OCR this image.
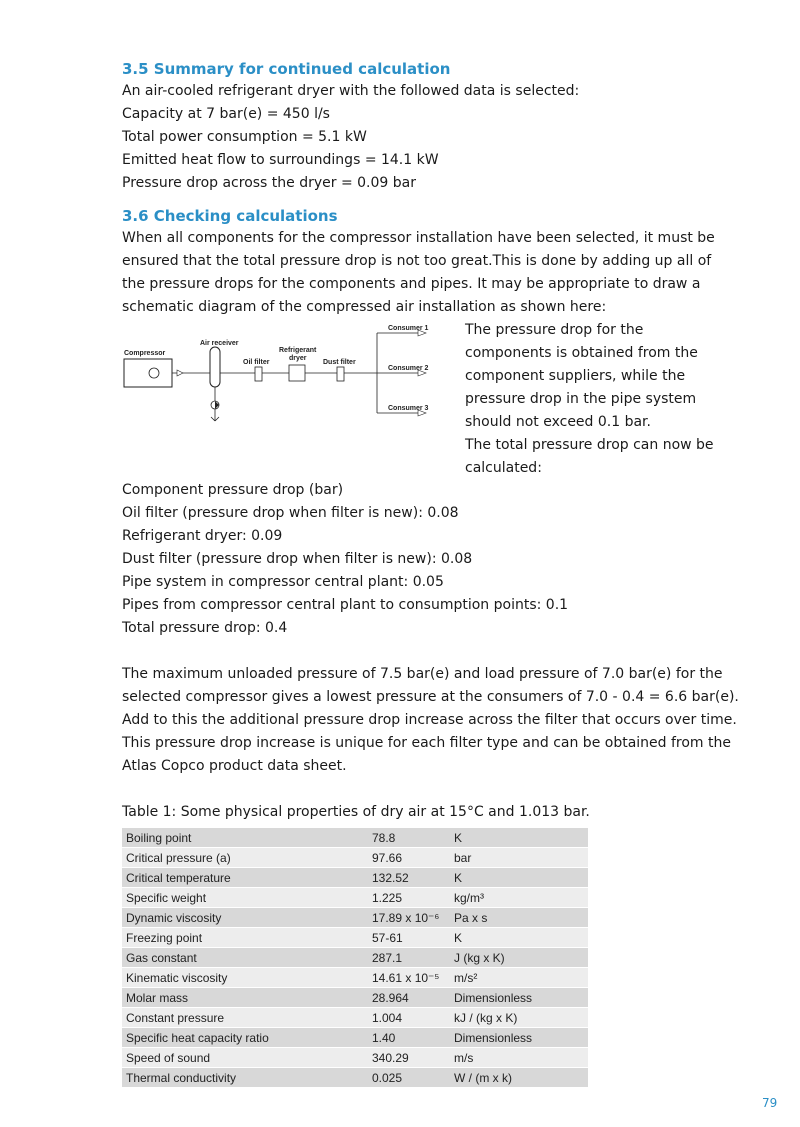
3.5 Summary for continued calculation
An air-cooled refrigerant dryer with the followed data is selected:
Capacity at 7 bar(e) = 450 l/s
Total power consumption = 5.1 kW
Emitted heat flow to surroundings = 14.1 kW
Pressure drop across the dryer = 0.09 bar
3.6 Checking calculations
When all components for the compressor installation have been selected, it must be
ensured that the total pressure drop is not too great.This is done by adding up all of
the pressure drops for the components and pipes. It may be appropriate to draw a
schematic diagram of the compressed air installation as shown here:
Compressor
Air receiver
Oil filter
Refrigerant
dryer
Dust filter
Consumer 1
Consumer 2
Consumer 3
The pressure drop for the
components is obtained from the
component suppliers, while the
pressure drop in the pipe system
should not exceed 0.1 bar.
The total pressure drop can now be
calculated:
Component pressure drop (bar)
Oil filter (pressure drop when filter is new): 0.08
Refrigerant dryer: 0.09
Dust filter (pressure drop when filter is new): 0.08
Pipe system in compressor central plant: 0.05
Pipes from compressor central plant to consumption points: 0.1
Total pressure drop: 0.4
The maximum unloaded pressure of 7.5 bar(e) and load pressure of 7.0 bar(e) for the
selected compressor gives a lowest pressure at the consumers of 7.0 - 0.4 = 6.6 bar(e).
Add to this the additional pressure drop increase across the filter that occurs over time.
This pressure drop increase is unique for each filter type and can be obtained from the
Atlas Copco product data sheet.
Table 1: Some physical properties of dry air at 15°C and 1.013 bar.
Boiling point	78.8	K
Critical pressure (a)	97.66	bar
Critical temperature	132.52	K
Specific weight	1.225	kg/m³
Dynamic viscosity	17.89 x 10⁻⁶	Pa x s
Freezing point	57-61	K
Gas constant	287.1	J (kg x K)
Kinematic viscosity	14.61 x 10⁻⁵	m/s²
Molar mass	28.964	Dimensionless
Constant pressure	1.004	kJ / (kg x K)
Specific heat capacity ratio	1.40	Dimensionless
Speed of sound	340.29	m/s
Thermal conductivity	0.025	W / (m x k)
79
